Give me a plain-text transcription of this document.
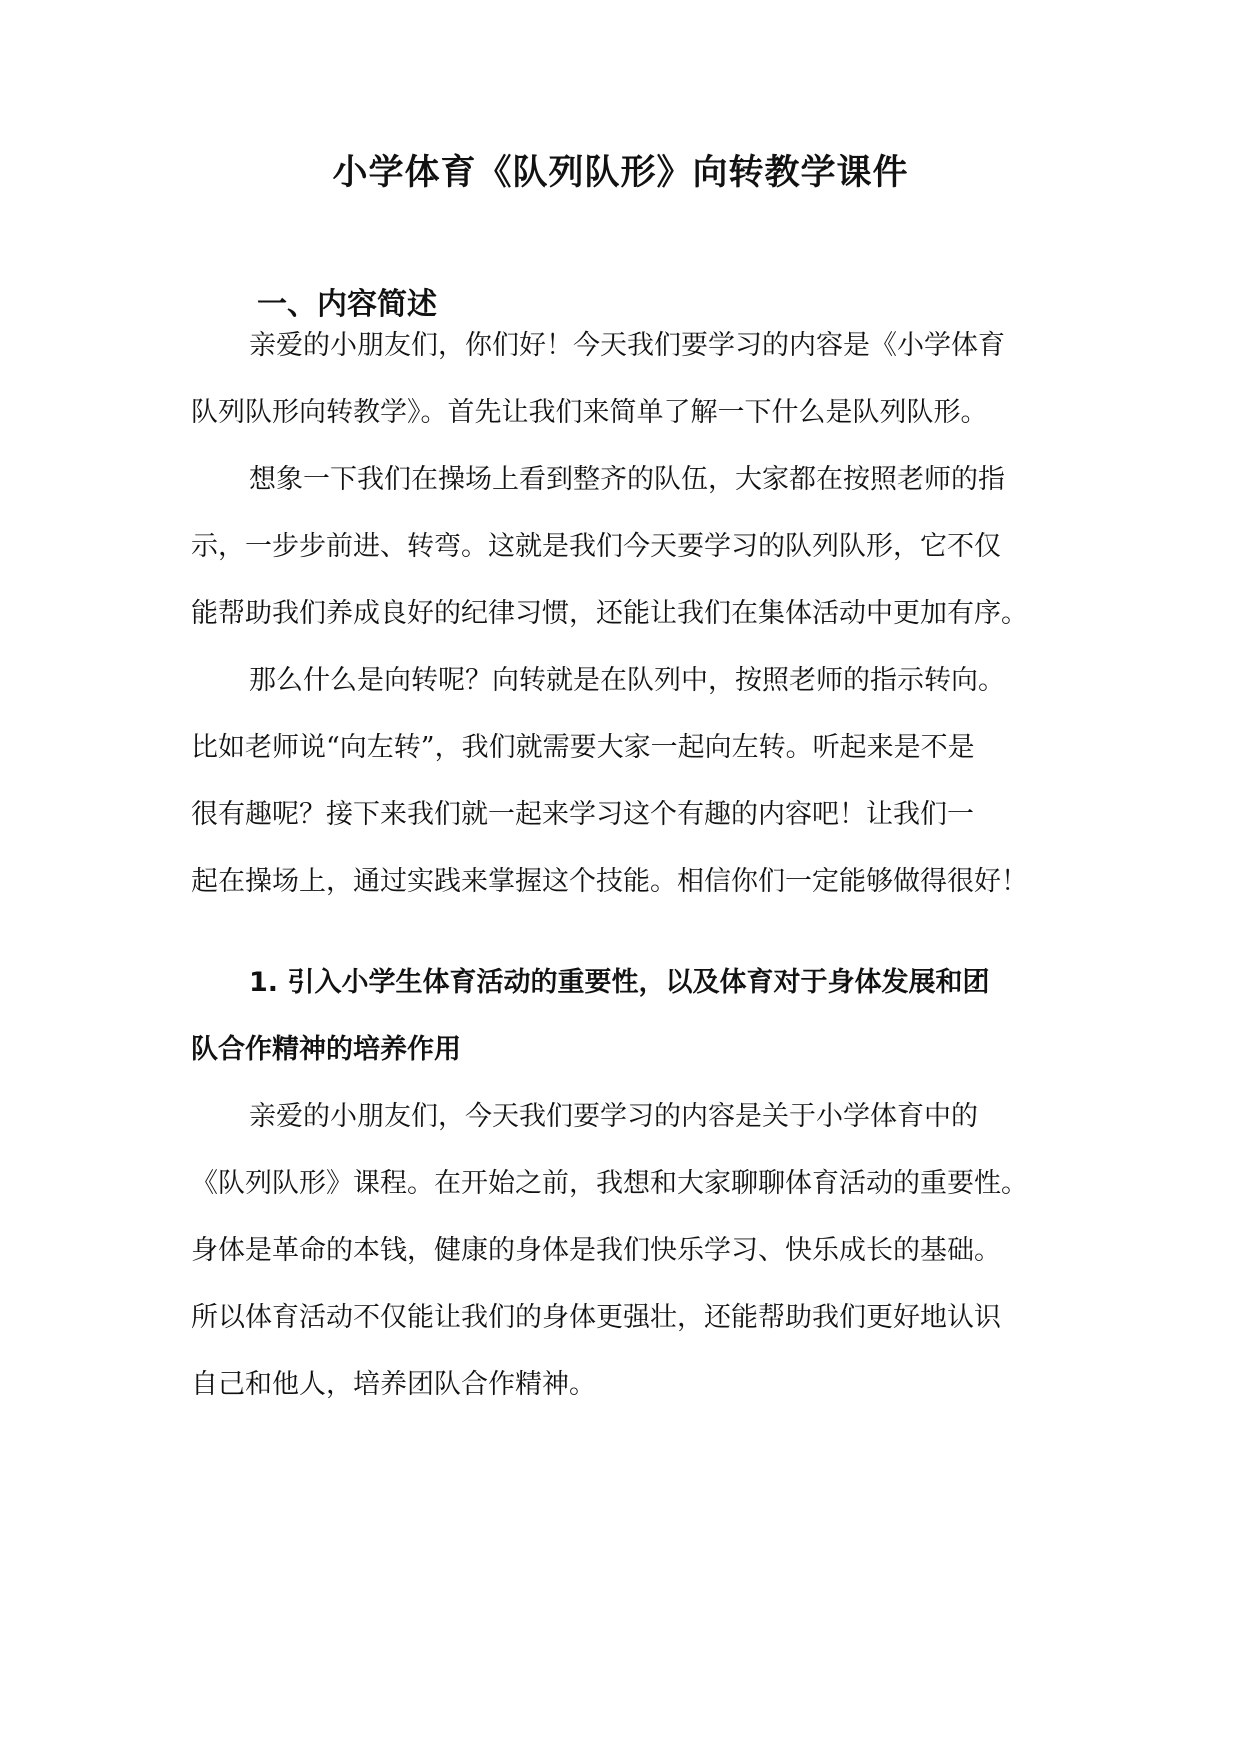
小学体育《队列队形》向转教学课件
一、内容简述
亲爱的小朋友们，你们好！今天我们要学习的内容是《小学体育
队列队形向转教学》。首先让我们来简单了解一下什么是队列队形。
想象一下我们在操场上看到整齐的队伍，大家都在按照老师的指
示，一步步前进、转弯。这就是我们今天要学习的队列队形，它不仅
能帮助我们养成良好的纪律习惯，还能让我们在集体活动中更加有序。
那么什么是向转呢？向转就是在队列中，按照老师的指示转向。
比如老师说“向左转”，我们就需要大家一起向左转。听起来是不是
很有趣呢？接下来我们就一起来学习这个有趣的内容吧！让我们一
起在操场上，通过实践来掌握这个技能。相信你们一定能够做得很好！
1. 引入小学生体育活动的重要性，以及体育对于身体发展和团
队合作精神的培养作用
亲爱的小朋友们，今天我们要学习的内容是关于小学体育中的
《队列队形》课程。在开始之前，我想和大家聊聊体育活动的重要性。
身体是革命的本钱，健康的身体是我们快乐学习、快乐成长的基础。
所以体育活动不仅能让我们的身体更强壮，还能帮助我们更好地认识
自己和他人，培养团队合作精神。
